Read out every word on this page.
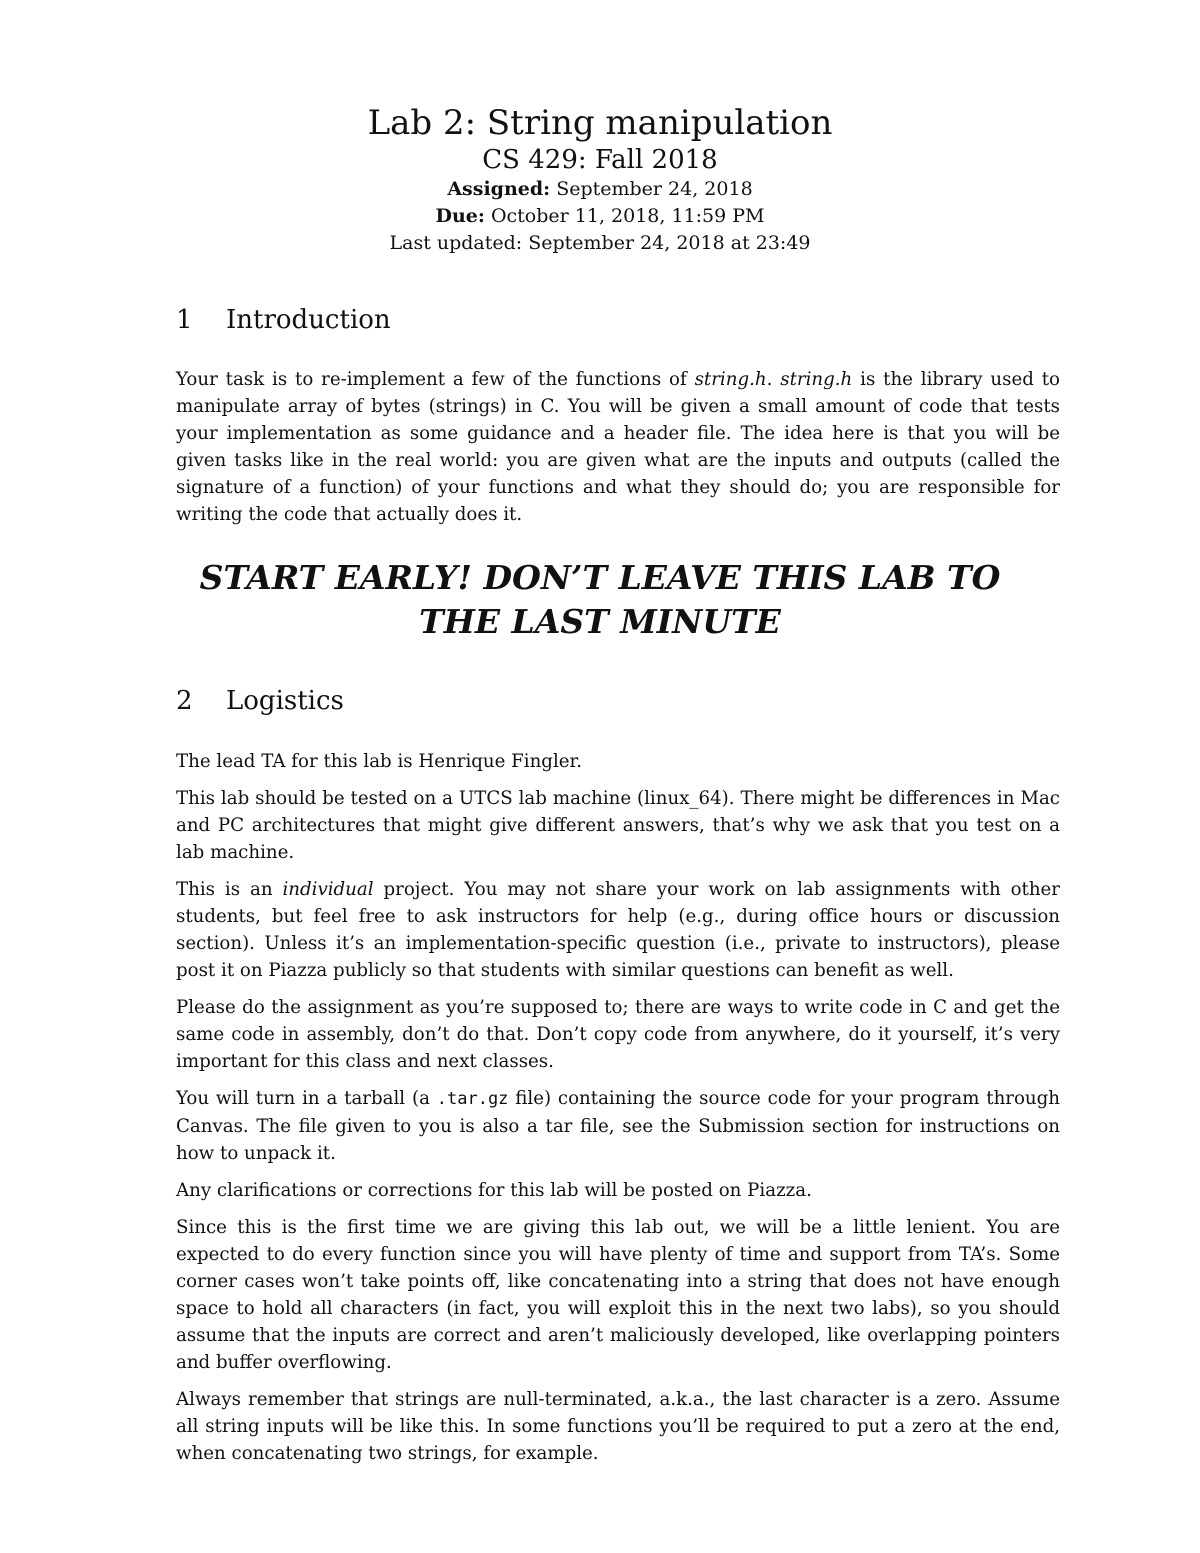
Lab 2: String manipulation
CS 429: Fall 2018
Assigned: September 24, 2018
Due: October 11, 2018, 11:59 PM
Last updated: September 24, 2018 at 23:49
1 Introduction

Your task is to re-implement a few of the functions of string.h. string.h is the library used to manipulate array of bytes (strings) in C. You will be given a small amount of code that tests your implementation as some guidance and a header file. The idea here is that you will be given tasks like in the real world: you are given what are the inputs and outputs (called the signature of a function) of your functions and what they should do; you are responsible for writing the code that actually does it.

START EARLY! DON’T LEAVE THIS LAB TO THE LAST MINUTE
2 Logistics

The lead TA for this lab is Henrique Fingler.

This lab should be tested on a UTCS lab machine (linux_64). There might be differences in Mac and PC architectures that might give different answers, that’s why we ask that you test on a lab machine.

This is an individual project. You may not share your work on lab assignments with other students, but feel free to ask instructors for help (e.g., during office hours or discussion section). Unless it’s an implementation-specific question (i.e., private to instructors), please post it on Piazza publicly so that students with similar questions can benefit as well.

Please do the assignment as you’re supposed to; there are ways to write code in C and get the same code in assembly, don’t do that. Don’t copy code from anywhere, do it yourself, it’s very important for this class and next classes.

You will turn in a tarball (a .tar.gz file) containing the source code for your program through Canvas. The file given to you is also a tar file, see the Submission section for instructions on how to unpack it.

Any clarifications or corrections for this lab will be posted on Piazza.

Since this is the first time we are giving this lab out, we will be a little lenient. You are expected to do every function since you will have plenty of time and support from TA’s. Some corner cases won’t take points off, like concatenating into a string that does not have enough space to hold all characters (in fact, you will exploit this in the next two labs), so you should assume that the inputs are correct and aren’t maliciously developed, like overlapping pointers and buffer overflowing.

Always remember that strings are null-terminated, a.k.a., the last character is a zero. Assume all string inputs will be like this. In some functions you’ll be required to put a zero at the end, when concatenating two strings, for example.
